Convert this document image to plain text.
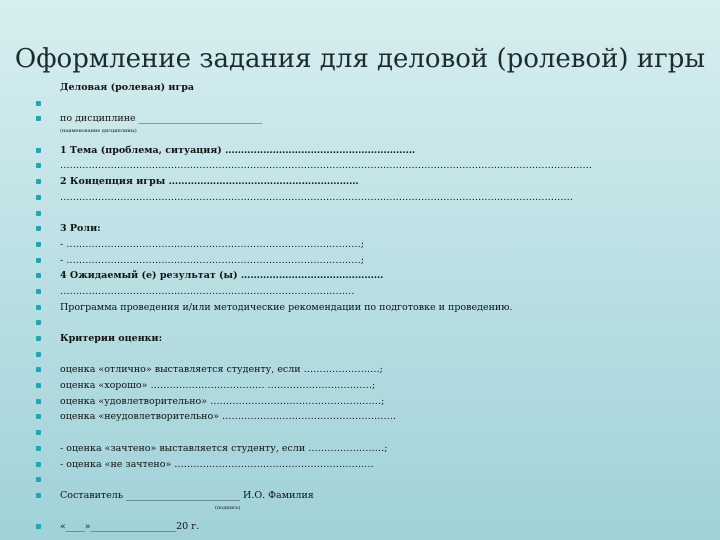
Оформление задания для деловой (ролевой) игры
Деловая (ролевая) игра
по дисциплине __________________________
(наименование дисциплины)
1 Тема (проблема, ситуация) ……………………………………………………
……………………………………………………………………………………………………………………………………………………
2 Концепция игры ……………………………………………………
………………………………………………………………………………………………………………………………………………
3 Роли:
- …………………………………………………………………………………;
- …………………………………………………………………………………;
4 Ожидаемый (е) результат (ы) ………………………………………
…………………………………………………………………………………
Программа проведения и/или методические рекомендации по подготовке и проведению.
Критерии оценки:
оценка «отлично» выставляется студенту, если ……………………;
оценка «хорошо» ……………………………… ……………………………;
оценка «удовлетворительно» ………………………………………………;
оценка «неудовлетворительно» ……………………………………………….
- оценка «зачтено» выставляется студенту, если ……………………;
- оценка «не зачтено» ………………………………………………………
Составитель ________________________ И.О. Фамилия
(подпись)
«____»__________________20 г.
